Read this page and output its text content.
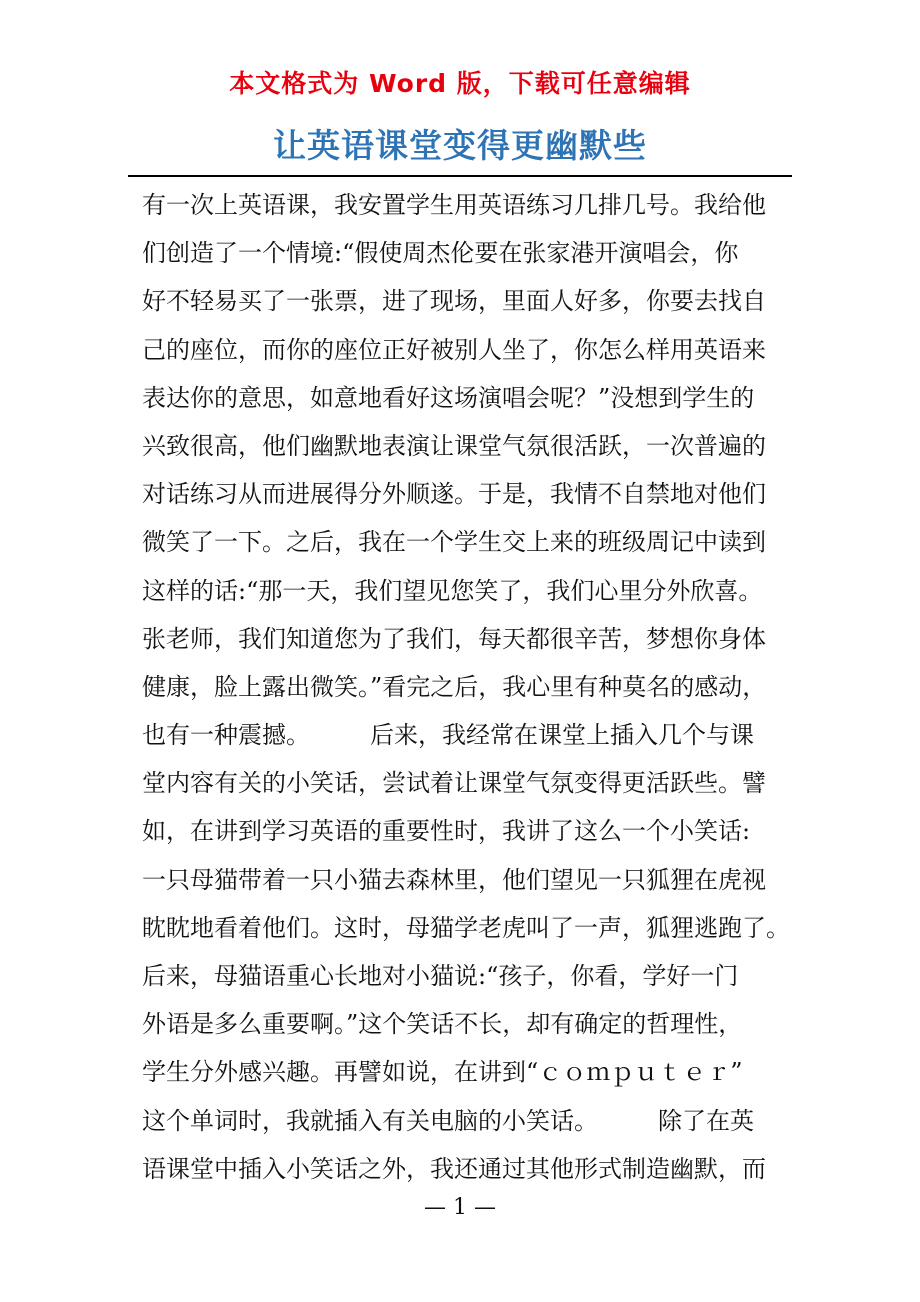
本文格式为 Word 版，下载可任意编辑
让英语课堂变得更幽默些
有一次上英语课，我安置学生用英语练习几排几号。我给他
们创造了一个情境:“假使周杰伦要在张家港开演唱会，你
好不轻易买了一张票，进了现场，里面人好多，你要去找自
己的座位，而你的座位正好被别人坐了，你怎么样用英语来
表达你的意思，如意地看好这场演唱会呢？”没想到学生的
兴致很高，他们幽默地表演让课堂气氛很活跃，一次普遍的
对话练习从而进展得分外顺遂。于是，我情不自禁地对他们
微笑了一下。之后，我在一个学生交上来的班级周记中读到
这样的话:“那一天，我们望见您笑了，我们心里分外欣喜。
张老师，我们知道您为了我们，每天都很辛苦，梦想你身体
健康，脸上露出微笑。”看完之后，我心里有种莫名的感动，
也有一种震撼。　　　后来，我经常在课堂上插入几个与课
堂内容有关的小笑话，尝试着让课堂气氛变得更活跃些。譬
如，在讲到学习英语的重要性时，我讲了这么一个小笑话:
一只母猫带着一只小猫去森林里，他们望见一只狐狸在虎视
眈眈地看着他们。这时，母猫学老虎叫了一声，狐狸逃跑了。
后来，母猫语重心长地对小猫说:“孩子，你看，学好一门
外语是多么重要啊。”这个笑话不长，却有确定的哲理性，
学生分外感兴趣。再譬如说，在讲到“ｃｏｍｐｕｔｅｒ”
这个单词时，我就插入有关电脑的小笑话。　　　除了在英
语课堂中插入小笑话之外，我还通过其他形式制造幽默，而
— 1 —
